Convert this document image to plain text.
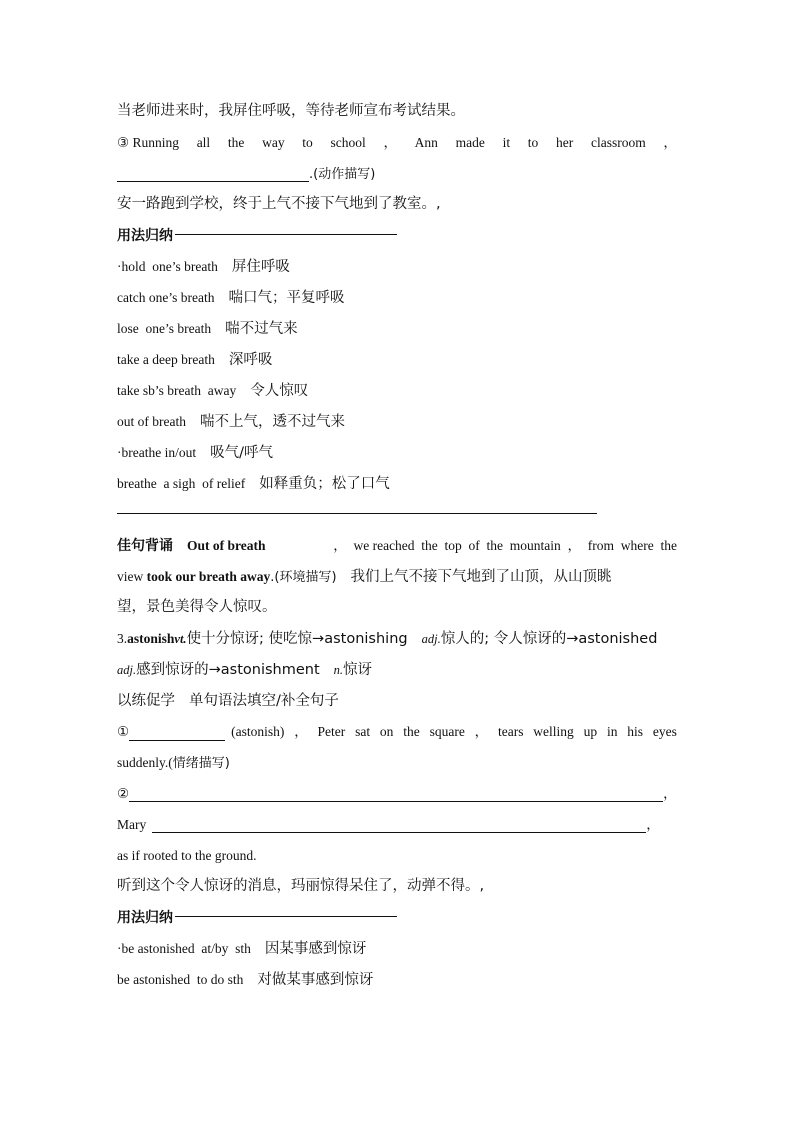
当老师进来时，我屏住呼吸，等待老师宣布考试结果。
③ Running all the way to school ， Ann made it to her classroom ，
.(动作描写)
安一路跑到学校，终于上气不接下气地到了教室。,
用法归纳
·hold  one’s breath 屏住呼吸
catch one’s breath 喘口气；平复呼吸
lose  one’s breath 喘不过气来
take a deep breath 深呼吸
take sb’s breath  away 令人惊叹
out of breath 喘不上气，透不过气来
·breathe in/out 吸气/呼气
breathe  a sigh  of relief 如释重负；松了口气
佳句背诵 Out of breath	，  we reached  the  top  of  the  mountain  ，  from  where  the
view took our breath away.(环境描写) 我们上气不接下气地到了山顶，从山顶眺
望，景色美得令人惊叹。
3.astonishvt.使十分惊讶; 使吃惊→astonishing adj.惊人的; 令人惊讶的→astonished
adj.感到惊讶的→astonishment n.惊讶
以练促学 单句语法填空/补全句子
①	(astonish) ， Peter sat on the square ， tears welling up in his eyes
suddenly.(情绪描写)
②	，
Mary	，
as if rooted to the ground.
听到这个令人惊讶的消息，玛丽惊得呆住了，动弹不得。,
用法归纳
·be astonished  at/by  sth 因某事感到惊讶
be astonished  to do sth 对做某事感到惊讶
